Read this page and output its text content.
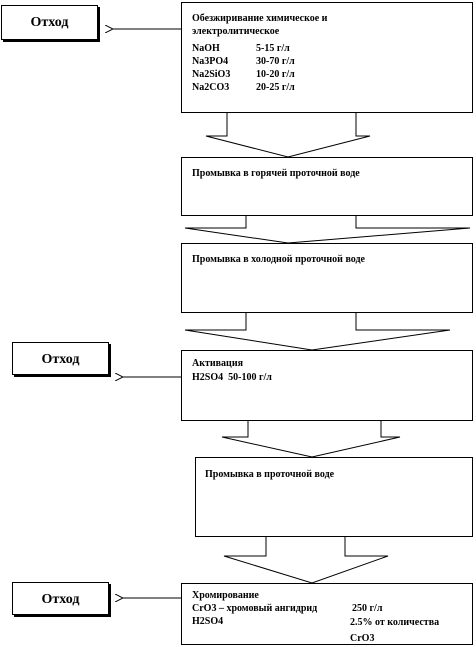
Отход
Отход
Отход
Обезжиривание химическое и электролитическое
NaOH	5-15 г/л
Na3PO4	30-70 г/л
Na2SiO3	10-20 г/л
Na2CO3	20-25 г/л
Промывка в горячей проточной воде
Промывка в холодной проточной воде
Активация
H2SO4 50-100 г/л
Промывка в проточной воде
Хромирование
CrO3 – хромовый ангидрид	250 г/л
H2SO4	2.5% от количества CrO3
